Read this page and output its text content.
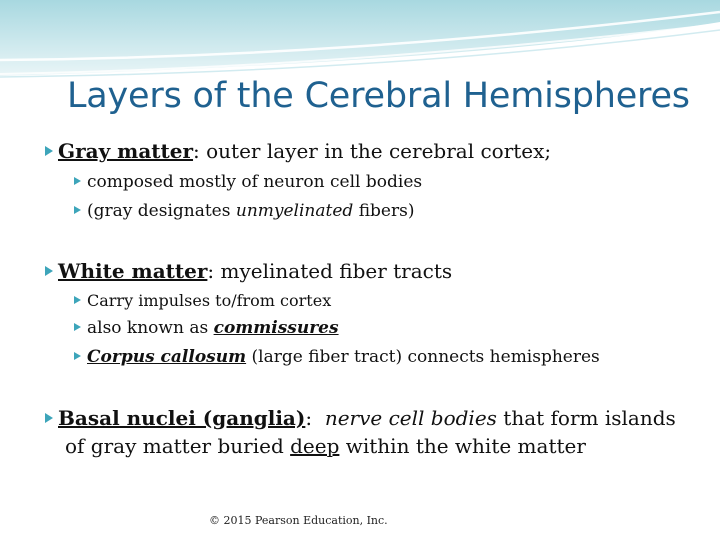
Layers of the Cerebral Hemispheres
Gray matter: outer layer in the cerebral cortex;
composed mostly of neuron cell bodies
(gray designates unmyelinated fibers)
White matter: myelinated fiber tracts
Carry impulses to/from cortex
also known as commissures
Corpus callosum (large fiber tract) connects hemispheres
Basal nuclei (ganglia): nerve cell bodies that form islands
of gray matter buried deep within the white matter
© 2015 Pearson Education, Inc.
